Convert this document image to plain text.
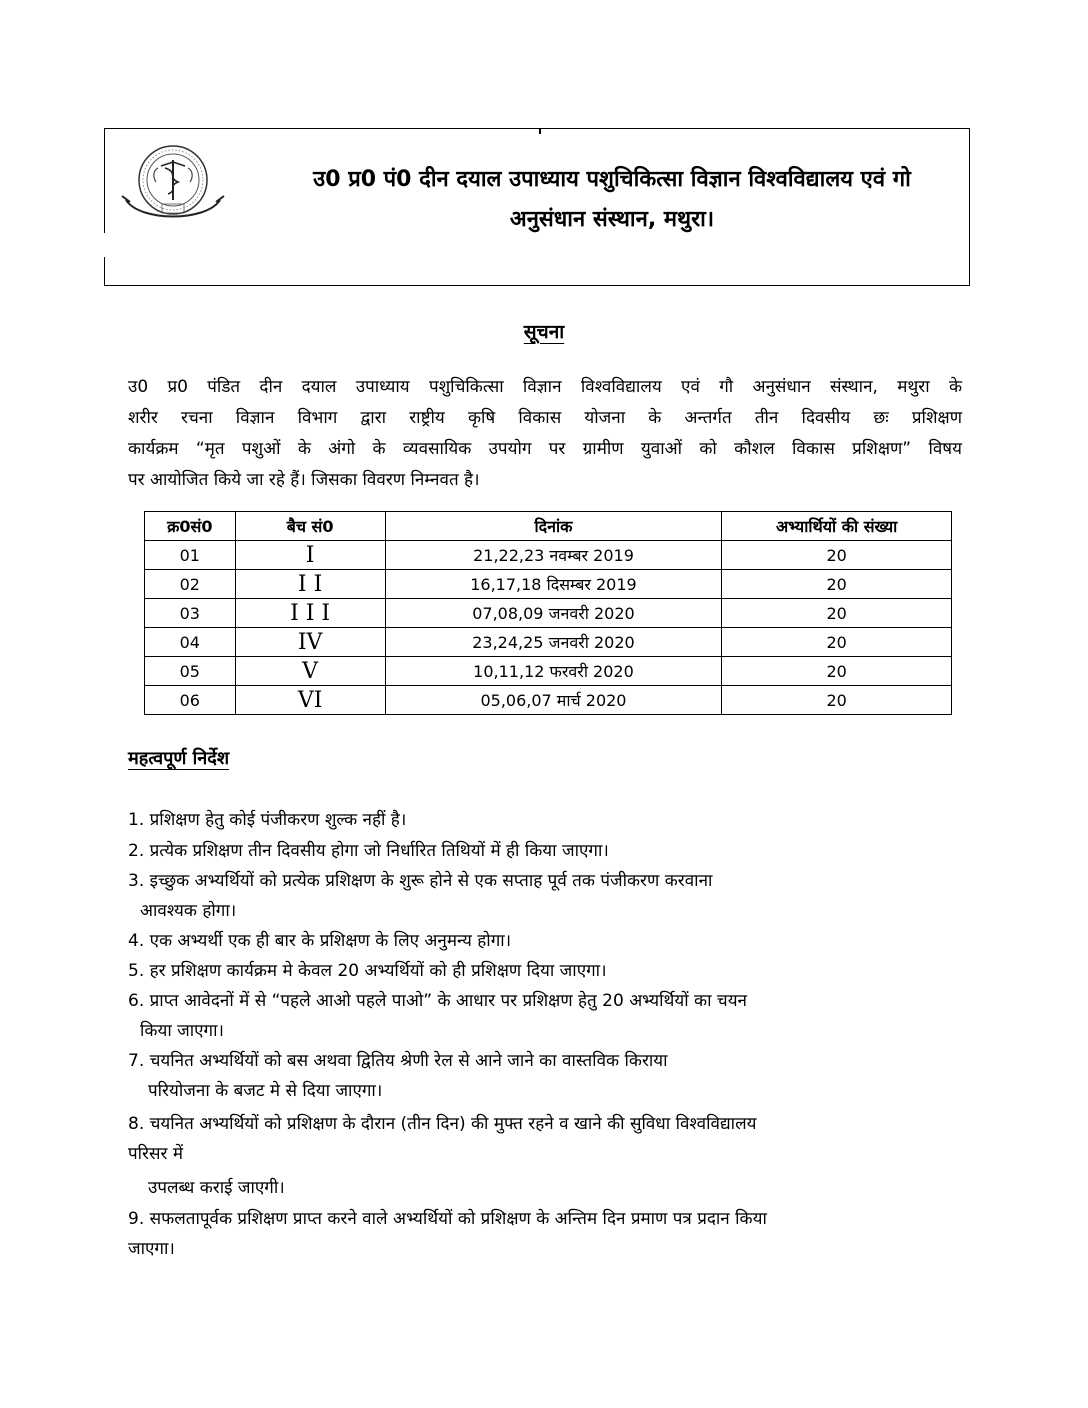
उ0 प्र0 पं0 दीन दयाल उपाध्याय पशुचिकित्सा विज्ञान विश्वविद्यालय एवं गो
अनुसंधान संस्थान, मथुरा।
सूचना
उ0 प्र0 पंडित दीन दयाल उपाध्याय पशुचिकित्सा विज्ञान विश्वविद्यालय एवं गौ अनुसंधान संस्थान, मथुरा के
शरीर रचना विज्ञान विभाग द्वारा राष्ट्रीय कृषि विकास योजना के अन्तर्गत तीन दिवसीय छः प्रशिक्षण
कार्यक्रम “मृत पशुओं के अंगो के व्यवसायिक उपयोग पर ग्रामीण युवाओं को कौशल विकास प्रशिक्षण” विषय
पर आयोजित किये जा रहे हैं। जिसका विवरण निम्नवत है।
क्र0सं0	बैच सं0	दिनांक	अभ्यार्थियों की संख्या
01	I	21,22,23 नवम्बर 2019	20
02	I I	16,17,18 दिसम्बर 2019	20
03	I I I	07,08,09 जनवरी 2020	20
04	IV	23,24,25 जनवरी 2020	20
05	V	10,11,12 फरवरी 2020	20
06	VI	05,06,07 मार्च 2020	20
महत्वपूर्ण निर्देश
1. प्रशिक्षण हेतु कोई पंजीकरण शुल्क नहीं है।
2. प्रत्येक प्रशिक्षण तीन दिवसीय होगा जो निर्धारित तिथियों में ही किया जाएगा।
3. इच्छुक अभ्यर्थियों को प्रत्येक प्रशिक्षण के शुरू होने से एक सप्ताह पूर्व तक पंजीकरण करवाना
आवश्यक होगा।
4. एक अभ्यर्थी एक ही बार के प्रशिक्षण के लिए अनुमन्य होगा।
5. हर प्रशिक्षण कार्यक्रम मे केवल 20 अभ्यर्थियों को ही प्रशिक्षण दिया जाएगा।
6. प्राप्त आवेदनों में से “पहले आओ पहले पाओ” के आधार पर प्रशिक्षण हेतु 20 अभ्यर्थियों का चयन
किया जाएगा।
7. चयनित अभ्यर्थियों को बस अथवा द्वितिय श्रेणी रेल से आने जाने का वास्तविक किराया
परियोजना के बजट मे से दिया जाएगा।
8. चयनित अभ्यर्थियों को प्रशिक्षण के दौरान (तीन दिन) की मुफ्त रहने व खाने की सुविधा विश्वविद्यालय
परिसर में
उपलब्ध कराई जाएगी।
9. सफलतापूर्वक प्रशिक्षण प्राप्त करने वाले अभ्यर्थियों को प्रशिक्षण के अन्तिम दिन प्रमाण पत्र प्रदान किया
जाएगा।
